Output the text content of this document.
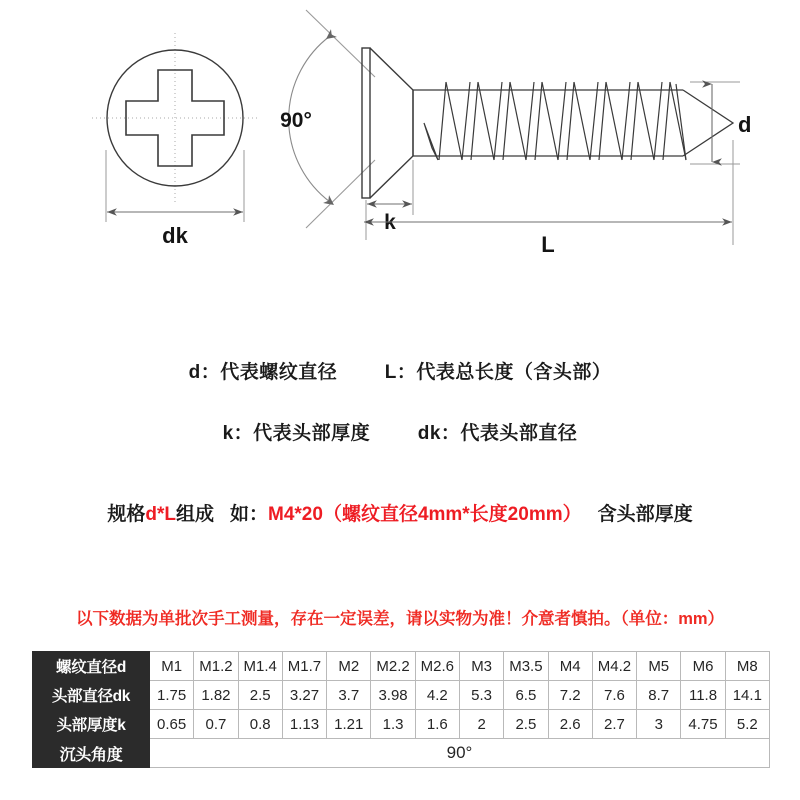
dk
90°
k
L
d
d：代表螺纹直径	L：代表总长度（含头部）
k：代表头部厚度	dk：代表头部直径
规格d*L组成 如：M4*20（螺纹直径4mm*长度20mm） 含头部厚度
以下数据为单批次手工测量，存在一定误差，请以实物为准！介意者慎拍。（单位：mm）
螺纹直径d	M1	M1.2	M1.4	M1.7	M2	M2.2	M2.6	M3	M3.5	M4	M4.2	M5	M6	M8
头部直径dk	1.75	1.82	2.5	3.27	3.7	3.98	4.2	5.3	6.5	7.2	7.6	8.7	11.8	14.1
头部厚度k	0.65	0.7	0.8	1.13	1.21	1.3	1.6	2	2.5	2.6	2.7	3	4.75	5.2
沉头角度	90°													
